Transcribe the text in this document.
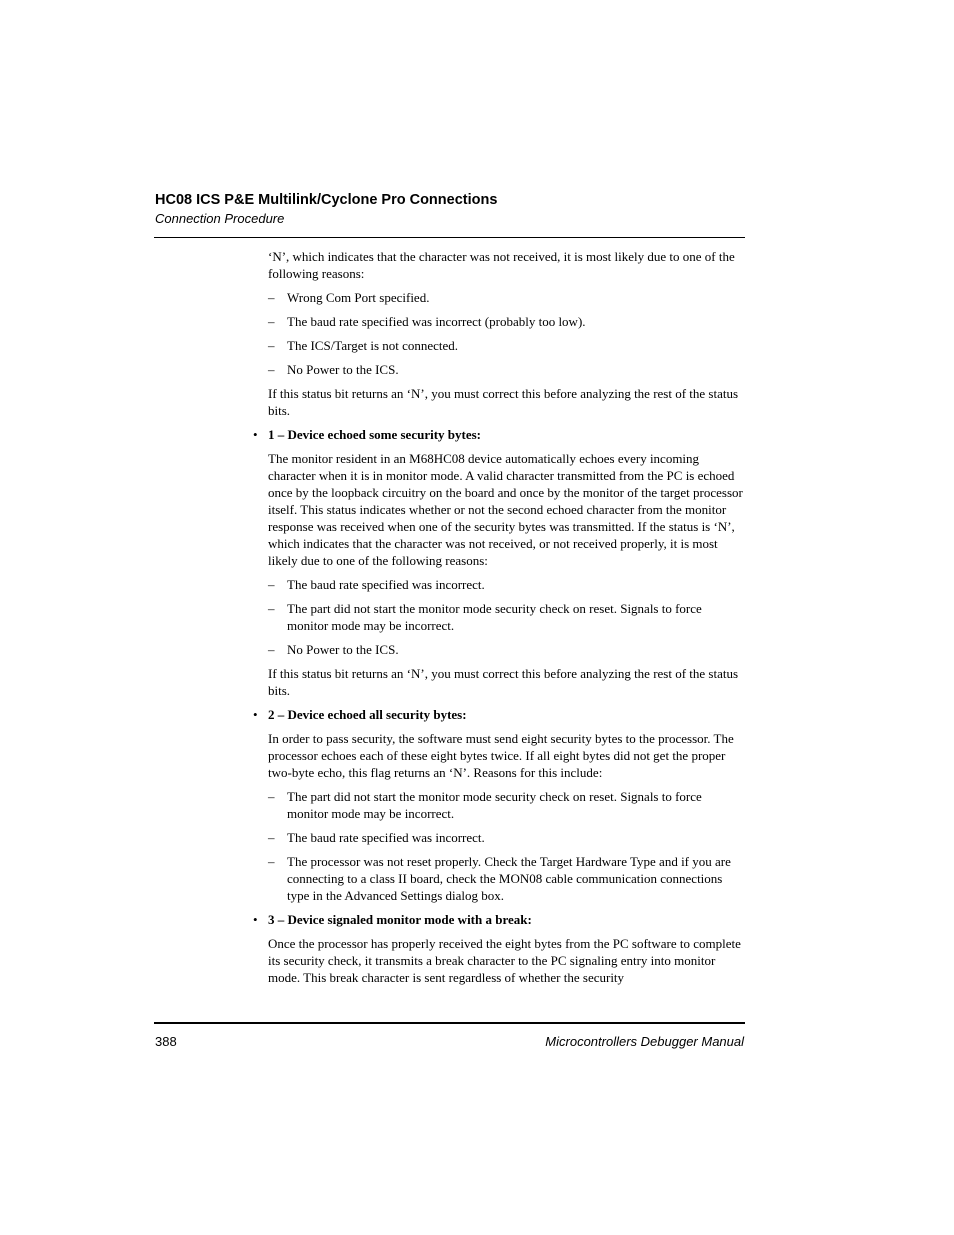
HC08 ICS P&E Multilink/Cyclone Pro Connections
Connection Procedure

‘N’, which indicates that the character was not received, it is most likely due to one of the following reasons:

– Wrong Com Port specified.
– The baud rate specified was incorrect (probably too low).
– The ICS/Target is not connected.
– No Power to the ICS.

If this status bit returns an ‘N’, you must correct this before analyzing the rest of the status bits.

• 1 – Device echoed some security bytes:

The monitor resident in an M68HC08 device automatically echoes every incoming character when it is in monitor mode. A valid character transmitted from the PC is echoed once by the loopback circuitry on the board and once by the monitor of the target processor itself. This status indicates whether or not the second echoed character from the monitor response was received when one of the security bytes was transmitted. If the status is ‘N’, which indicates that the character was not received, or not received properly, it is most likely due to one of the following reasons:

– The baud rate specified was incorrect.
– The part did not start the monitor mode security check on reset. Signals to force monitor mode may be incorrect.
– No Power to the ICS.

If this status bit returns an ‘N’, you must correct this before analyzing the rest of the status bits.

• 2 – Device echoed all security bytes:

In order to pass security, the software must send eight security bytes to the processor. The processor echoes each of these eight bytes twice. If all eight bytes did not get the proper two-byte echo, this flag returns an ‘N’. Reasons for this include:

– The part did not start the monitor mode security check on reset. Signals to force monitor mode may be incorrect.
– The baud rate specified was incorrect.
– The processor was not reset properly. Check the Target Hardware Type and if you are connecting to a class II board, check the MON08 cable communication connections type in the Advanced Settings dialog box.
• 3 – Device signaled monitor mode with a break:

Once the processor has properly received the eight bytes from the PC software to complete its security check, it transmits a break character to the PC signaling entry into monitor mode. This break character is sent regardless of whether the security

388	Microcontrollers Debugger Manual
